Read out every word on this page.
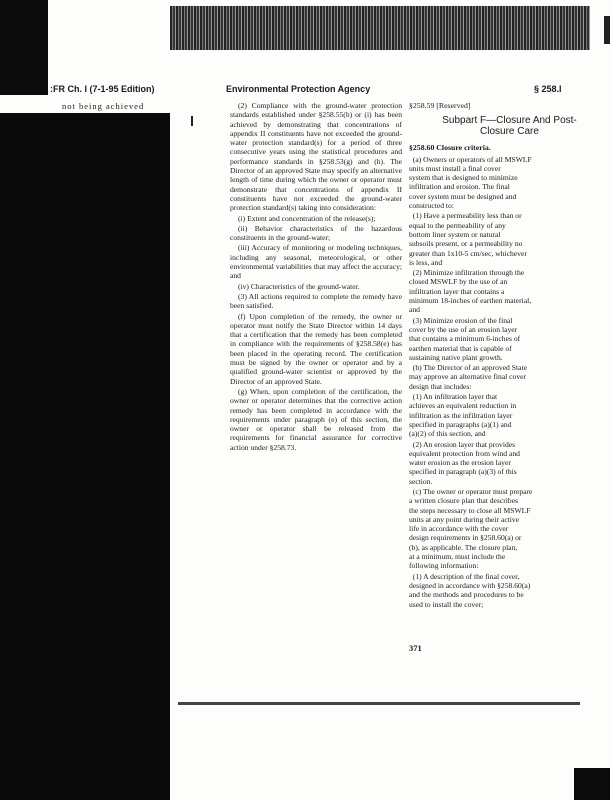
:FR Ch. I (7-1-95 Edition)	Environmental Protection Agency	§ 258.I
not being achieved	(2) Compliance with the ground-water protection standards established under §258.55(h) or (i) has been achieved by demonstrating that concentrations of appendix II constituents have not exceeded the ground-water protection standard(s) for a period of three consecutive years using the statistical procedures and performance standards in §258.53(g) and (h). The Director of an approved State may specify an alternative length of time during which the owner or operator must demonstrate that concentrations of appendix II constituents have not exceeded the ground-water protection standard(s) taking into consideration:

(i) Extent and concentration of the release(s);

(ii) Behavior characteristics of the hazardous constituents in the ground-water;

(iii) Accuracy of monitoring or modeling techniques, including any seasonal, meteorological, or other environmental variabilities that may affect the accuracy; and

(iv) Characteristics of the ground-water.

(3) All actions required to complete the remedy have been satisfied.

(f) Upon completion of the remedy, the owner or operator must notify the State Director within 14 days that a certification that the remedy has been completed in compliance with the requirements of §258.58(e) has been placed in the operating record. The certification must be signed by the owner or operator and by a qualified ground-water scientist or approved by the Director of an approved State.

(g) When, upon completion of the certification, the owner or operator determines that the corrective action remedy has been completed in accordance with the requirements under paragraph (e) of this section, the owner or operator shall be released from the requirements for financial assurance for corrective action under §258.73.

§258.59 [Reserved]
Subpart F—Closure And Post-
Closure Care
§258.60 Closure criteria.

(a) Owners or operators of all MSWLF
units must install a final cover
system that is designed to minimize
infiltration and erosion. The final
cover system must be designed and
constructed to:

(1) Have a permeability less than or
equal to the permeability of any
bottom liner system or natural
subsoils present, or a permeability no
greater than 1x10-5 cm/sec, whichever
is less, and

(2) Minimize infiltration through the
closed MSWLF by the use of an
infiltration layer that contains a
minimum 18-inches of earthen material,
and

(3) Minimize erosion of the final
cover by the use of an erosion layer
that contains a minimum 6-inches of
earthen material that is capable of
sustaining native plant growth.

(b) The Director of an approved State
may approve an alternative final cover
design that includes:

(1) An infiltration layer that
achieves an equivalent reduction in
infiltration as the infiltration layer
specified in paragraphs (a)(1) and
(a)(2) of this section, and

(2) An erosion layer that provides
equivalent protection from wind and
water erosion as the erosion layer
specified in paragraph (a)(3) of this
section.

(c) The owner or operator must prepare
a written closure plan that describes
the steps necessary to close all MSWLF
units at any point during their active
life in accordance with the cover
design requirements in §258.60(a) or
(b), as applicable. The closure plan,
at a minimum, must include the
following information:

(1) A description of the final cover,
designed in accordance with §258.60(a)
and the methods and procedures to be
used to install the cover;

371
